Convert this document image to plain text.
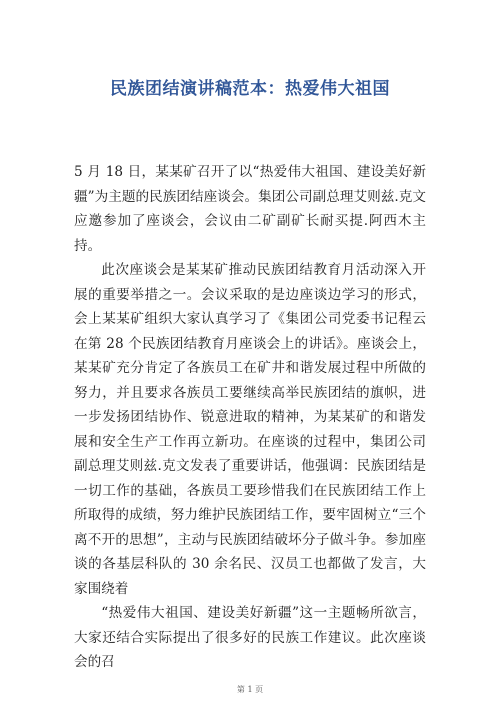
民族团结演讲稿范本：热爱伟大祖国

5 月 18 日，某某矿召开了以“热爱伟大祖国、建设美好新疆”为主题的民族团结座谈会。集团公司副总理艾则兹.克文应邀参加了座谈会，会议由二矿副矿长耐买提.阿西木主持。

此次座谈会是某某矿推动民族团结教育月活动深入开展的重要举措之一。会议采取的是边座谈边学习的形式，会上某某矿组织大家认真学习了《集团公司党委书记程云在第 28 个民族团结教育月座谈会上的讲话》。座谈会上，某某矿充分肯定了各族员工在矿井和谐发展过程中所做的努力，并且要求各族员工要继续高举民族团结的旗帜，进一步发扬团结协作、锐意进取的精神，为某某矿的和谐发展和安全生产工作再立新功。在座谈的过程中，集团公司副总理艾则兹.克文发表了重要讲话，他强调：民族团结是一切工作的基础，各族员工要珍惜我们在民族团结工作上所取得的成绩，努力维护民族团结工作，要牢固树立“三个离不开的思想”，主动与民族团结破坏分子做斗争。参加座谈的各基层科队的 30 余名民、汉员工也都做了发言，大家围绕着

“热爱伟大祖国、建设美好新疆”这一主题畅所欲言，大家还结合实际提出了很多好的民族工作建议。此次座谈会的召

第 1 页
